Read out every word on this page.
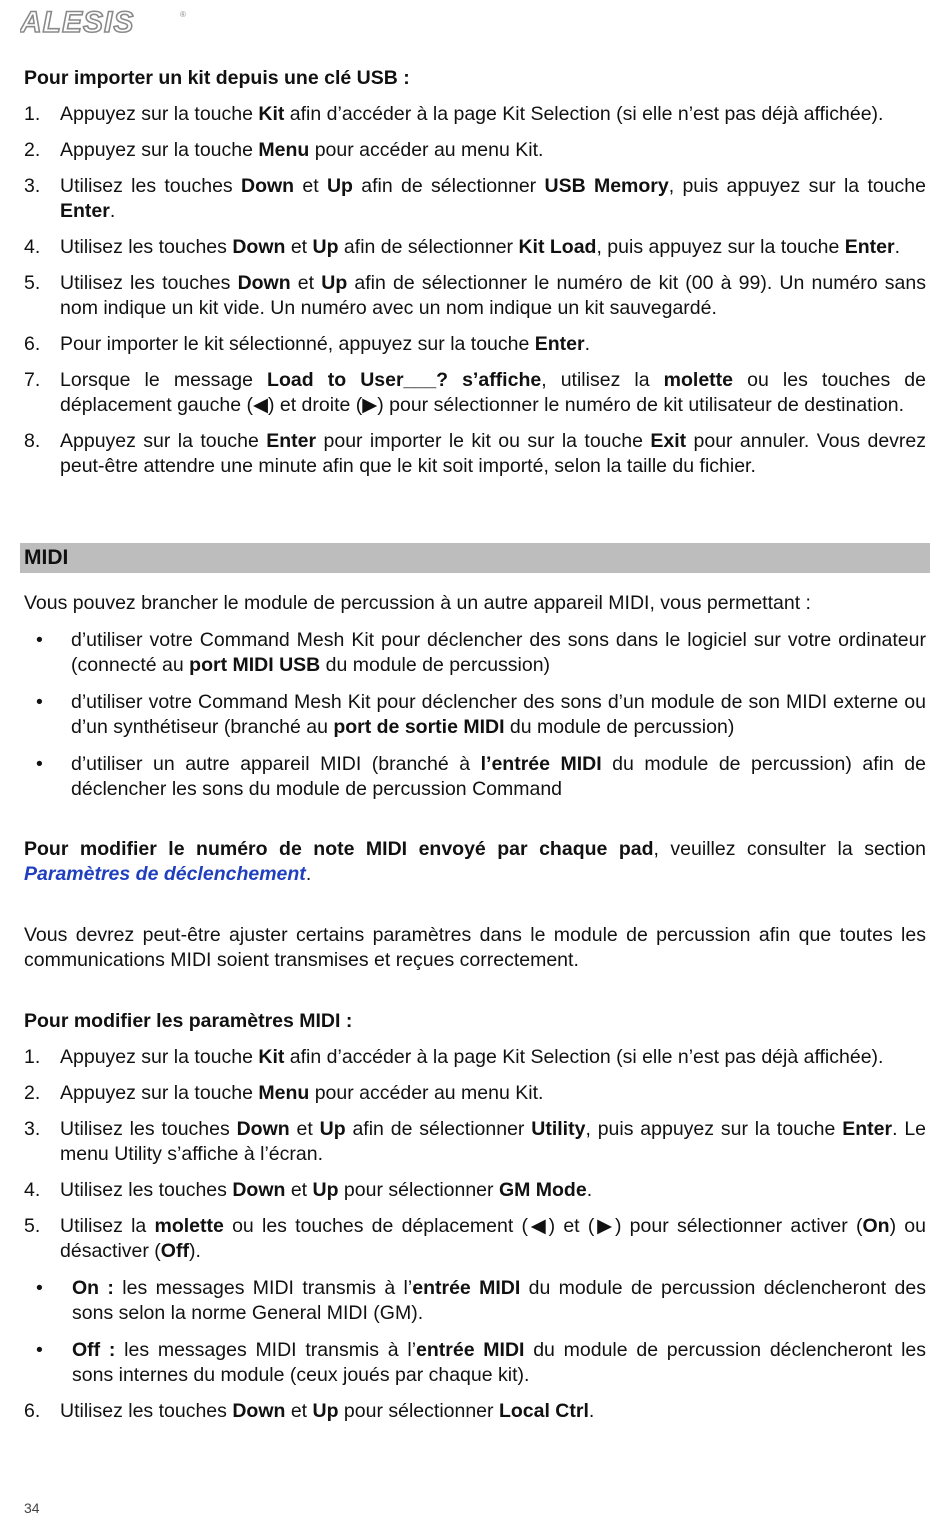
ALESIS	®

Pour importer un kit depuis une clé USB :

1. Appuyez sur la touche Kit afin d’accéder à la page Kit Selection (si elle n’est pas déjà affichée).
2. Appuyez sur la touche Menu pour accéder au menu Kit.
3. Utilisez les touches Down et Up afin de sélectionner USB Memory, puis appuyez sur la touche Enter.
4. Utilisez les touches Down et Up afin de sélectionner Kit Load, puis appuyez sur la touche Enter.
5. Utilisez les touches Down et Up afin de sélectionner le numéro de kit (00 à 99). Un numéro sans nom indique un kit vide. Un numéro avec un nom indique un kit sauvegardé.
6. Pour importer le kit sélectionné, appuyez sur la touche Enter.
7. Lorsque le message Load to User___? s’affiche, utilisez la molette ou les touches de déplacement gauche (◀) et droite (▶) pour sélectionner le numéro de kit utilisateur de destination.
8. Appuyez sur la touche Enter pour importer le kit ou sur la touche Exit pour annuler. Vous devrez peut-être attendre une minute afin que le kit soit importé, selon la taille du fichier.
MIDI

Vous pouvez brancher le module de percussion à un autre appareil MIDI, vous permettant :

• d’utiliser votre Command Mesh Kit pour déclencher des sons dans le logiciel sur votre ordinateur (connecté au port MIDI USB du module de percussion)
• d’utiliser votre Command Mesh Kit pour déclencher des sons d’un module de son MIDI externe ou d’un synthétiseur (branché au port de sortie MIDI du module de percussion)
• d’utiliser un autre appareil MIDI (branché à l’entrée MIDI du module de percussion) afin de déclencher les sons du module de percussion Command

Pour modifier le numéro de note MIDI envoyé par chaque pad, veuillez consulter la section Paramètres de déclenchement.

Vous devrez peut-être ajuster certains paramètres dans le module de percussion afin que toutes les communications MIDI soient transmises et reçues correctement.

Pour modifier les paramètres MIDI :

1. Appuyez sur la touche Kit afin d’accéder à la page Kit Selection (si elle n’est pas déjà affichée).
2. Appuyez sur la touche Menu pour accéder au menu Kit.
3. Utilisez les touches Down et Up afin de sélectionner Utility, puis appuyez sur la touche Enter. Le menu Utility s’affiche à l’écran.
4. Utilisez les touches Down et Up pour sélectionner GM Mode.
5. Utilisez la molette ou les touches de déplacement (◀) et (▶) pour sélectionner activer (On) ou désactiver (Off).
• On : les messages MIDI transmis à l’entrée MIDI du module de percussion déclencheront des sons selon la norme General MIDI (GM).
• Off : les messages MIDI transmis à l’entrée MIDI du module de percussion déclencheront les sons internes du module (ceux joués par chaque kit).
6. Utilisez les touches Down et Up pour sélectionner Local Ctrl.
34
